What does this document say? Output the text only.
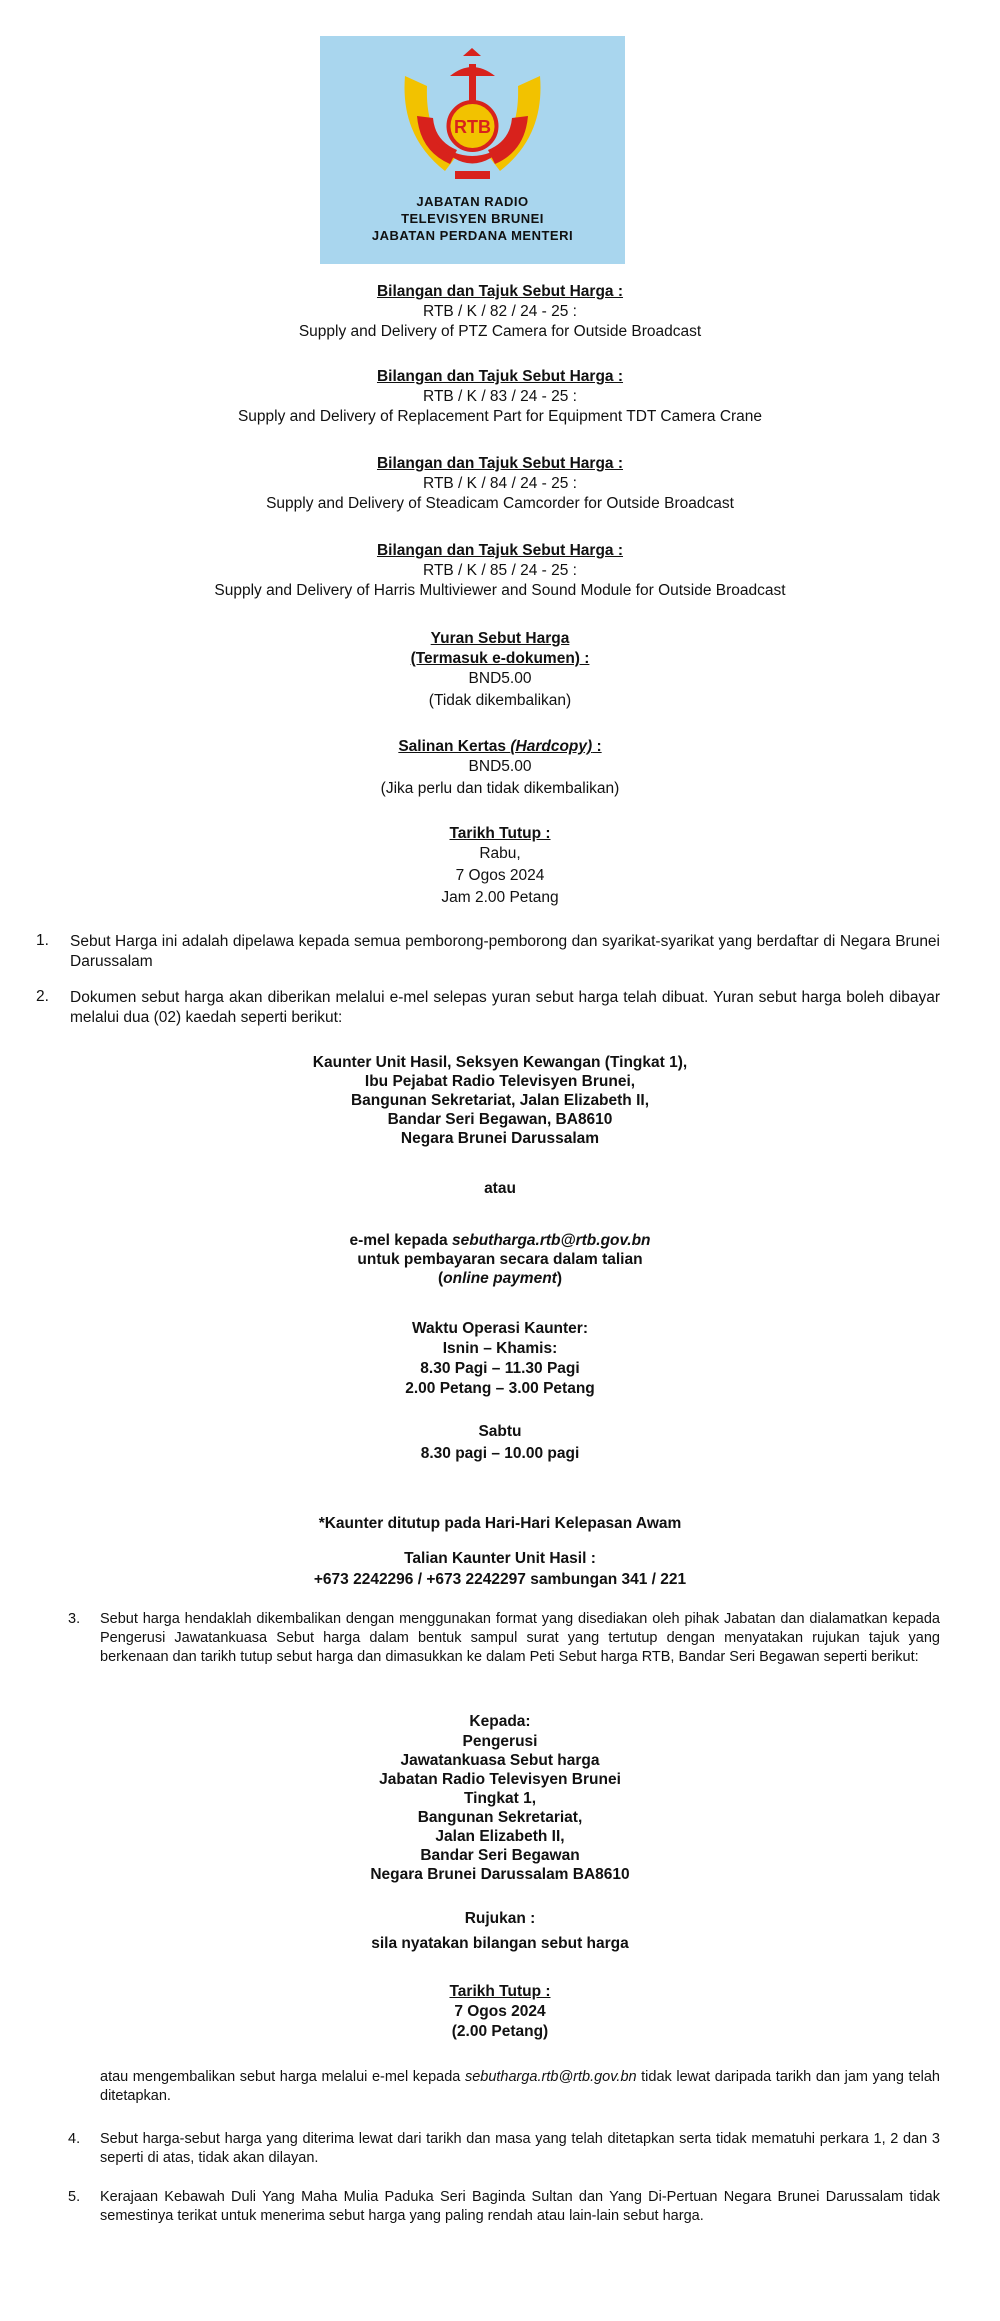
RTB
JABATAN RADIO
TELEVISYEN BRUNEI
JABATAN PERDANA MENTERI
Bilangan dan Tajuk Sebut Harga :
RTB / K / 82 / 24 - 25 :
Supply and Delivery of PTZ Camera for Outside Broadcast
Bilangan dan Tajuk Sebut Harga :
RTB / K / 83 / 24 - 25 :
Supply and Delivery of Replacement Part for Equipment TDT Camera Crane
Bilangan dan Tajuk Sebut Harga :
RTB / K / 84 / 24 - 25 :
Supply and Delivery of Steadicam Camcorder for Outside Broadcast
Bilangan dan Tajuk Sebut Harga :
RTB / K / 85 / 24 - 25 :
Supply and Delivery of Harris Multiviewer and Sound Module for Outside Broadcast
Yuran Sebut Harga
(Termasuk e-dokumen) :
BND5.00
(Tidak dikembalikan)
Salinan Kertas (Hardcopy) :
BND5.00
(Jika perlu dan tidak dikembalikan)
Tarikh Tutup :
Rabu,
7 Ogos 2024
Jam 2.00 Petang
1. Sebut Harga ini adalah dipelawa kepada semua pemborong-pemborong dan syarikat-syarikat yang berdaftar di Negara Brunei Darussalam
2. Dokumen sebut harga akan diberikan melalui e-mel selepas yuran sebut harga telah dibuat. Yuran sebut harga boleh dibayar melalui dua (02) kaedah seperti berikut:
Kaunter Unit Hasil, Seksyen Kewangan (Tingkat 1),
Ibu Pejabat Radio Televisyen Brunei,
Bangunan Sekretariat, Jalan Elizabeth II,
Bandar Seri Begawan, BA8610
Negara Brunei Darussalam
atau
e-mel kepada sebutharga.rtb@rtb.gov.bn
untuk pembayaran secara dalam talian
(online payment)
Waktu Operasi Kaunter:
Isnin – Khamis:
8.30 Pagi – 11.30 Pagi
2.00 Petang – 3.00 Petang
Sabtu
8.30 pagi – 10.00 pagi
*Kaunter ditutup pada Hari-Hari Kelepasan Awam
Talian Kaunter Unit Hasil :
+673 2242296 / +673 2242297 sambungan 341 / 221
3. Sebut harga hendaklah dikembalikan dengan menggunakan format yang disediakan oleh pihak Jabatan dan dialamatkan kepada Pengerusi Jawatankuasa Sebut harga dalam bentuk sampul surat yang tertutup dengan menyatakan rujukan tajuk yang berkenaan dan tarikh tutup sebut harga dan dimasukkan ke dalam Peti Sebut harga RTB, Bandar Seri Begawan seperti berikut:
Kepada:
Pengerusi
Jawatankuasa Sebut harga
Jabatan Radio Televisyen Brunei
Tingkat 1,
Bangunan Sekretariat,
Jalan Elizabeth II,
Bandar Seri Begawan
Negara Brunei Darussalam BA8610
Rujukan :
sila nyatakan bilangan sebut harga
Tarikh Tutup :
7 Ogos 2024
(2.00 Petang)
atau mengembalikan sebut harga melalui e-mel kepada sebutharga.rtb@rtb.gov.bn tidak lewat daripada tarikh dan jam yang telah ditetapkan.
4. Sebut harga-sebut harga yang diterima lewat dari tarikh dan masa yang telah ditetapkan serta tidak mematuhi perkara 1, 2 dan 3 seperti di atas, tidak akan dilayan.
5. Kerajaan Kebawah Duli Yang Maha Mulia Paduka Seri Baginda Sultan dan Yang Di-Pertuan Negara Brunei Darussalam tidak semestinya terikat untuk menerima sebut harga yang paling rendah atau lain-lain sebut harga.
